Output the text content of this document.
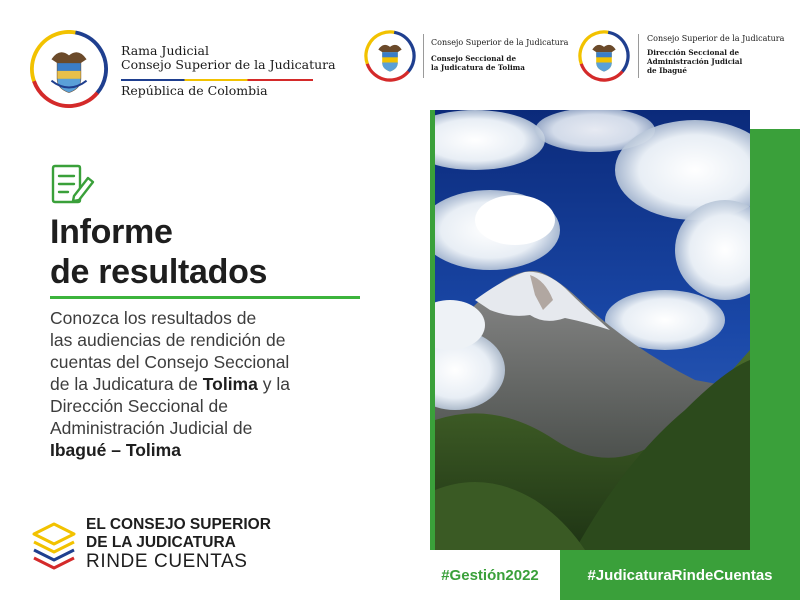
Rama Judicial
Consejo Superior de la Judicatura
República de Colombia
Consejo Superior de la Judicatura
Consejo Seccional de
la Judicatura de Tolima
Consejo Superior de la Judicatura
Dirección Seccional de
Administración Judicial
de Ibagué
Informe
de resultados
Conozca los resultados de
las audiencias de rendición de
cuentas del Consejo Seccional
de la Judicatura de Tolima y la
Dirección Seccional de
Administración Judicial de
Ibagué – Tolima
EL CONSEJO SUPERIOR
DE LA JUDICATURA
RINDE CUENTAS
#Gestión2022	#JudicaturaRindeCuentas
